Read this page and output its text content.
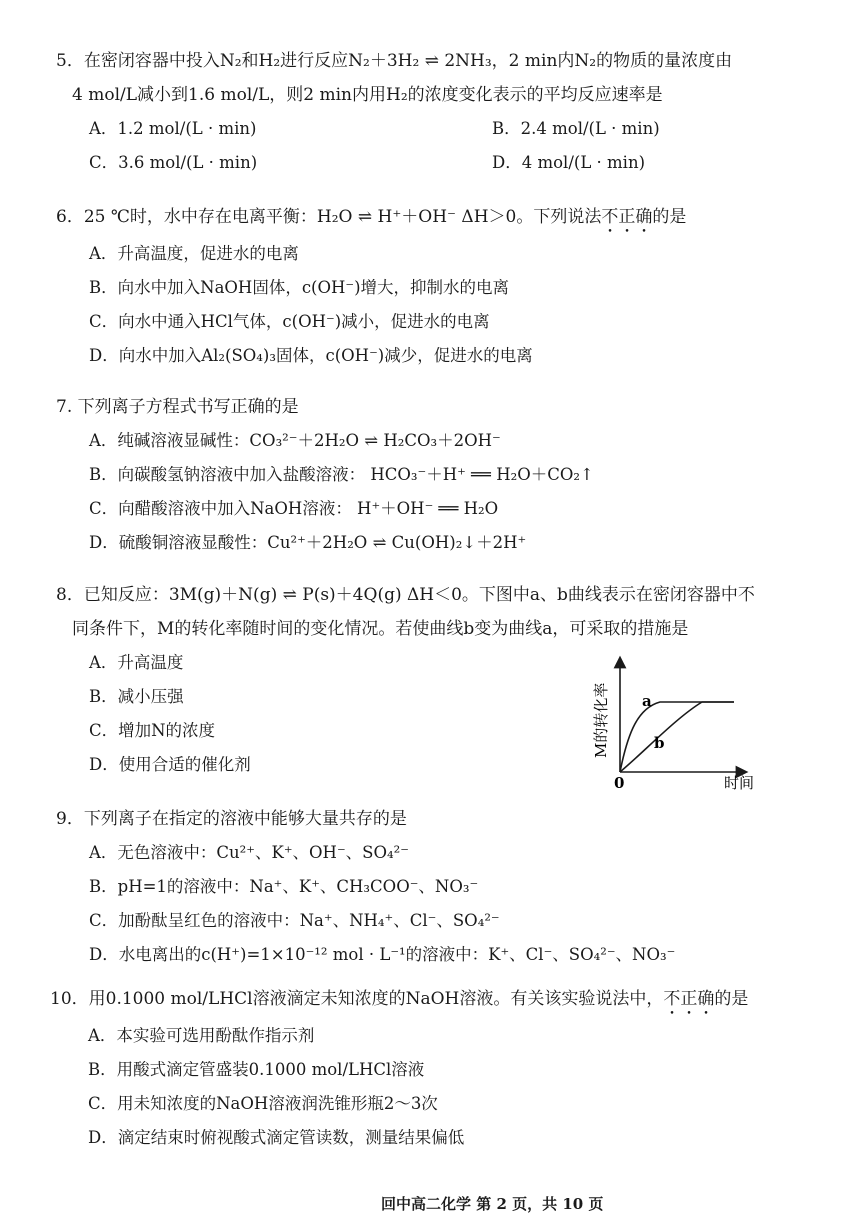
5．在密闭容器中投入N₂和H₂进行反应N₂＋3H₂ ⇌ 2NH₃，2 min内N₂的物质的量浓度由
4 mol/L减小到1.6 mol/L，则2 min内用H₂的浓度变化表示的平均反应速率是
A．1.2 mol/(L · min)	B．2.4 mol/(L · min)
C．3.6 mol/(L · min)	D．4 mol/(L · min)
6．25 ℃时，水中存在电离平衡：H₂O ⇌ H⁺＋OH⁻ ΔH＞0。下列说法不正确的是
A．升高温度，促进水的电离
B．向水中加入NaOH固体，c(OH⁻)增大，抑制水的电离
C．向水中通入HCl气体，c(OH⁻)减小，促进水的电离
D．向水中加入Al₂(SO₄)₃固体，c(OH⁻)减少，促进水的电离
7. 下列离子方程式书写正确的是
A．纯碱溶液显碱性：CO₃²⁻＋2H₂O ⇌ H₂CO₃＋2OH⁻
B．向碳酸氢钠溶液中加入盐酸溶液： HCO₃⁻＋H⁺ ══ H₂O＋CO₂↑
C．向醋酸溶液中加入NaOH溶液： H⁺＋OH⁻ ══ H₂O
D．硫酸铜溶液显酸性：Cu²⁺＋2H₂O ⇌ Cu(OH)₂↓＋2H⁺
8．已知反应：3M(g)＋N(g) ⇌ P(s)＋4Q(g) ΔH＜0。下图中a、b曲线表示在密闭容器中不
同条件下，M的转化率随时间的变化情况。若使曲线b变为曲线a，可采取的措施是
A．升高温度
B．减小压强
C．增加N的浓度
D．使用合适的催化剂
a
b
0	时间
M的转化率
9．下列离子在指定的溶液中能够大量共存的是
A．无色溶液中：Cu²⁺、K⁺、OH⁻、SO₄²⁻
B．pH=1的溶液中：Na⁺、K⁺、CH₃COO⁻、NO₃⁻
C．加酚酞呈红色的溶液中：Na⁺、NH₄⁺、Cl⁻、SO₄²⁻
D．水电离出的c(H⁺)=1×10⁻¹² mol · L⁻¹的溶液中：K⁺、Cl⁻、SO₄²⁻、NO₃⁻
10．用0.1000 mol/LHCl溶液滴定未知浓度的NaOH溶液。有关该实验说法中，不正确的是
A．本实验可选用酚酞作指示剂
B．用酸式滴定管盛装0.1000 mol/LHCl溶液
C．用未知浓度的NaOH溶液润洗锥形瓶2～3次
D．滴定结束时俯视酸式滴定管读数，测量结果偏低
回中高二化学 第 2 页，共 10 页
